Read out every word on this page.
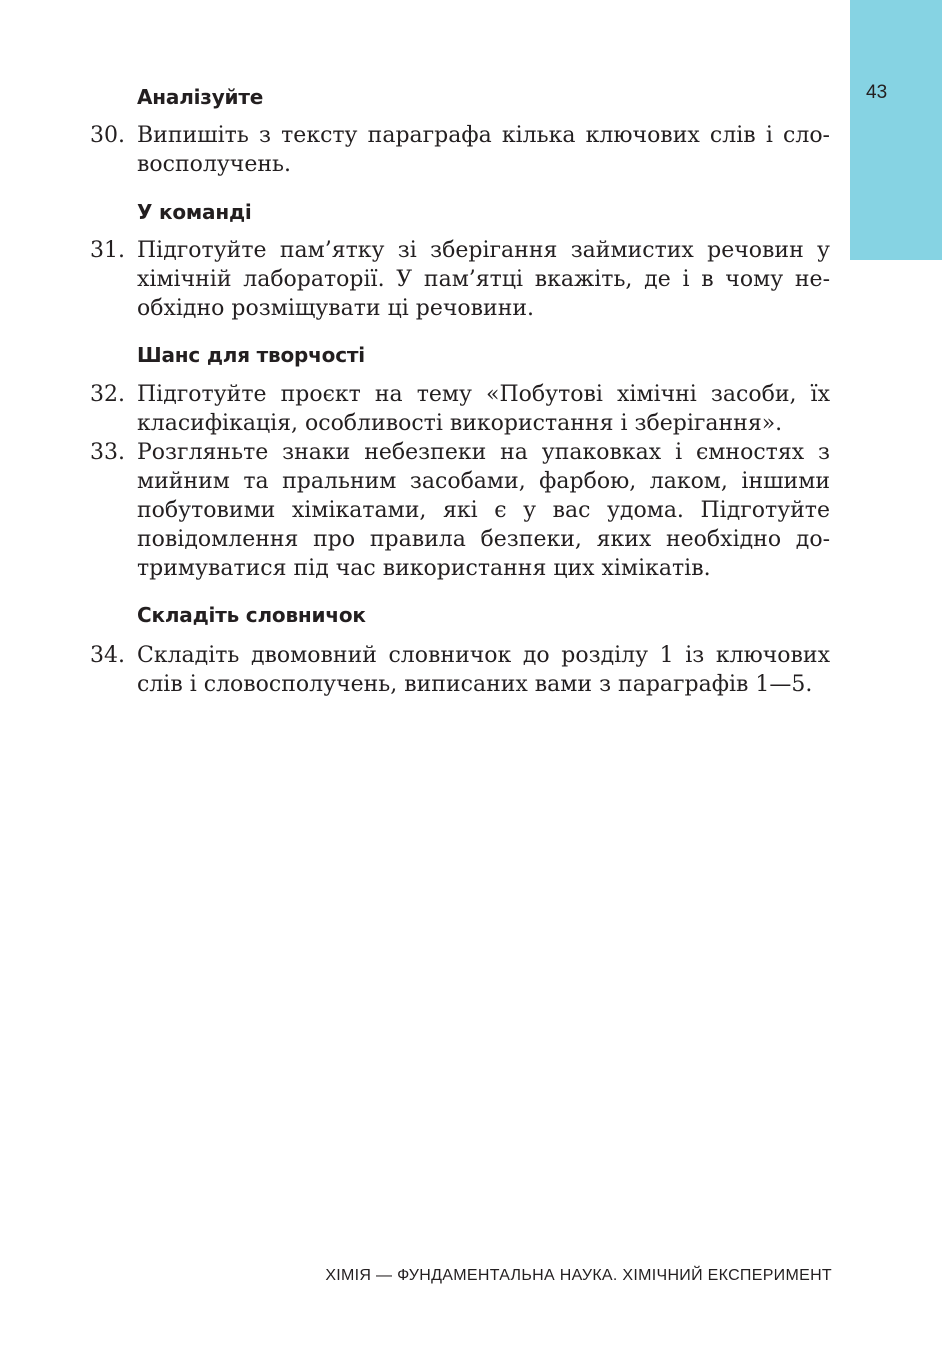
43
Аналізуйте
30. Випишіть з тексту параграфа кілька ключових слів і сло-
восполучень.
У команді
31. Підготуйте пам’ятку зі зберігання займистих речовин у
хімічній лабораторії. У пам’ятці вкажіть, де і в чому не-
обхідно розміщувати ці речовини.
Шанс для творчості
32. Підготуйте проєкт на тему «Побутові хімічні засоби, їх
класифікація, особливості використання і зберігання».
33. Розгляньте знаки небезпеки на упаковках і ємностях з
мийним та пральним засобами, фарбою, лаком, іншими
побутовими хімікатами, які є у вас удома. Підготуйте
повідомлення про правила безпеки, яких необхідно до-
тримуватися під час використання цих хімікатів.
Складіть словничок
34. Складіть двомовний словничок до розділу 1 із ключових
слів і словосполучень, виписаних вами з параграфів 1—5.
ХІМІЯ — ФУНДАМЕНТАЛЬНА НАУКА. ХІМІЧНИЙ ЕКСПЕРИМЕНТ
